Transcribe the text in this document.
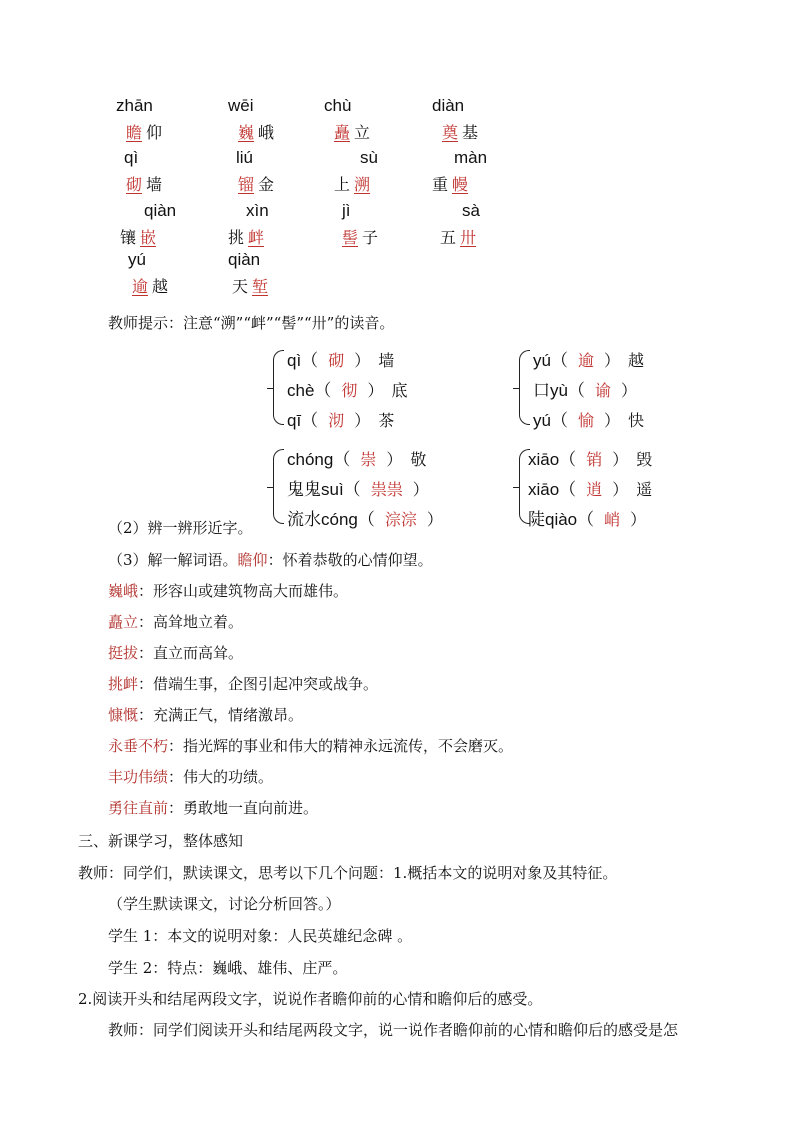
zhān
瞻 仰
wēi
巍 峨
chù
矗 立
diàn
奠 基
qì
砌 墙
liú
镏 金
sù
上 溯
màn
重 幔
qiàn
镶 嵌
xìn
挑 衅
jì
髻 子
sà
五 卅
yú
逾 越
qiàn
天 堑
教师提示：注意“溯”“衅”“髻”“卅”的读音。
qì（ 砌 ） 墙
chè（ 彻 ） 底
qī（ 沏 ） 茶
yú（ 逾 ） 越
口yù（ 谕 ）
yú（ 愉 ） 快
chóng（ 崇 ） 敬
鬼鬼suì（ 祟祟 ）
流水cóng（ 淙淙 ）
xiāo（ 销 ） 毁
xiāo（ 逍 ） 遥
陡qiào（ 峭 ）
（2）辨一辨形近字。
（3）解一解词语。瞻仰：怀着恭敬的心情仰望。
巍峨：形容山或建筑物高大而雄伟。
矗立：高耸地立着。
挺拔：直立而高耸。
挑衅：借端生事，企图引起冲突或战争。
慷慨：充满正气，情绪激昂。
永垂不朽：指光辉的事业和伟大的精神永远流传，不会磨灭。
丰功伟绩：伟大的功绩。
勇往直前：勇敢地一直向前进。
三、新课学习，整体感知
教师：同学们，默读课文，思考以下几个问题：1.概括本文的说明对象及其特征。
（学生默读课文，讨论分析回答。）
学生 1：本文的说明对象：人民英雄纪念碑 。
学生 2：特点：巍峨、雄伟、庄严。
2.阅读开头和结尾两段文字，说说作者瞻仰前的心情和瞻仰后的感受。
教师：同学们阅读开头和结尾两段文字，说一说作者瞻仰前的心情和瞻仰后的感受是怎
